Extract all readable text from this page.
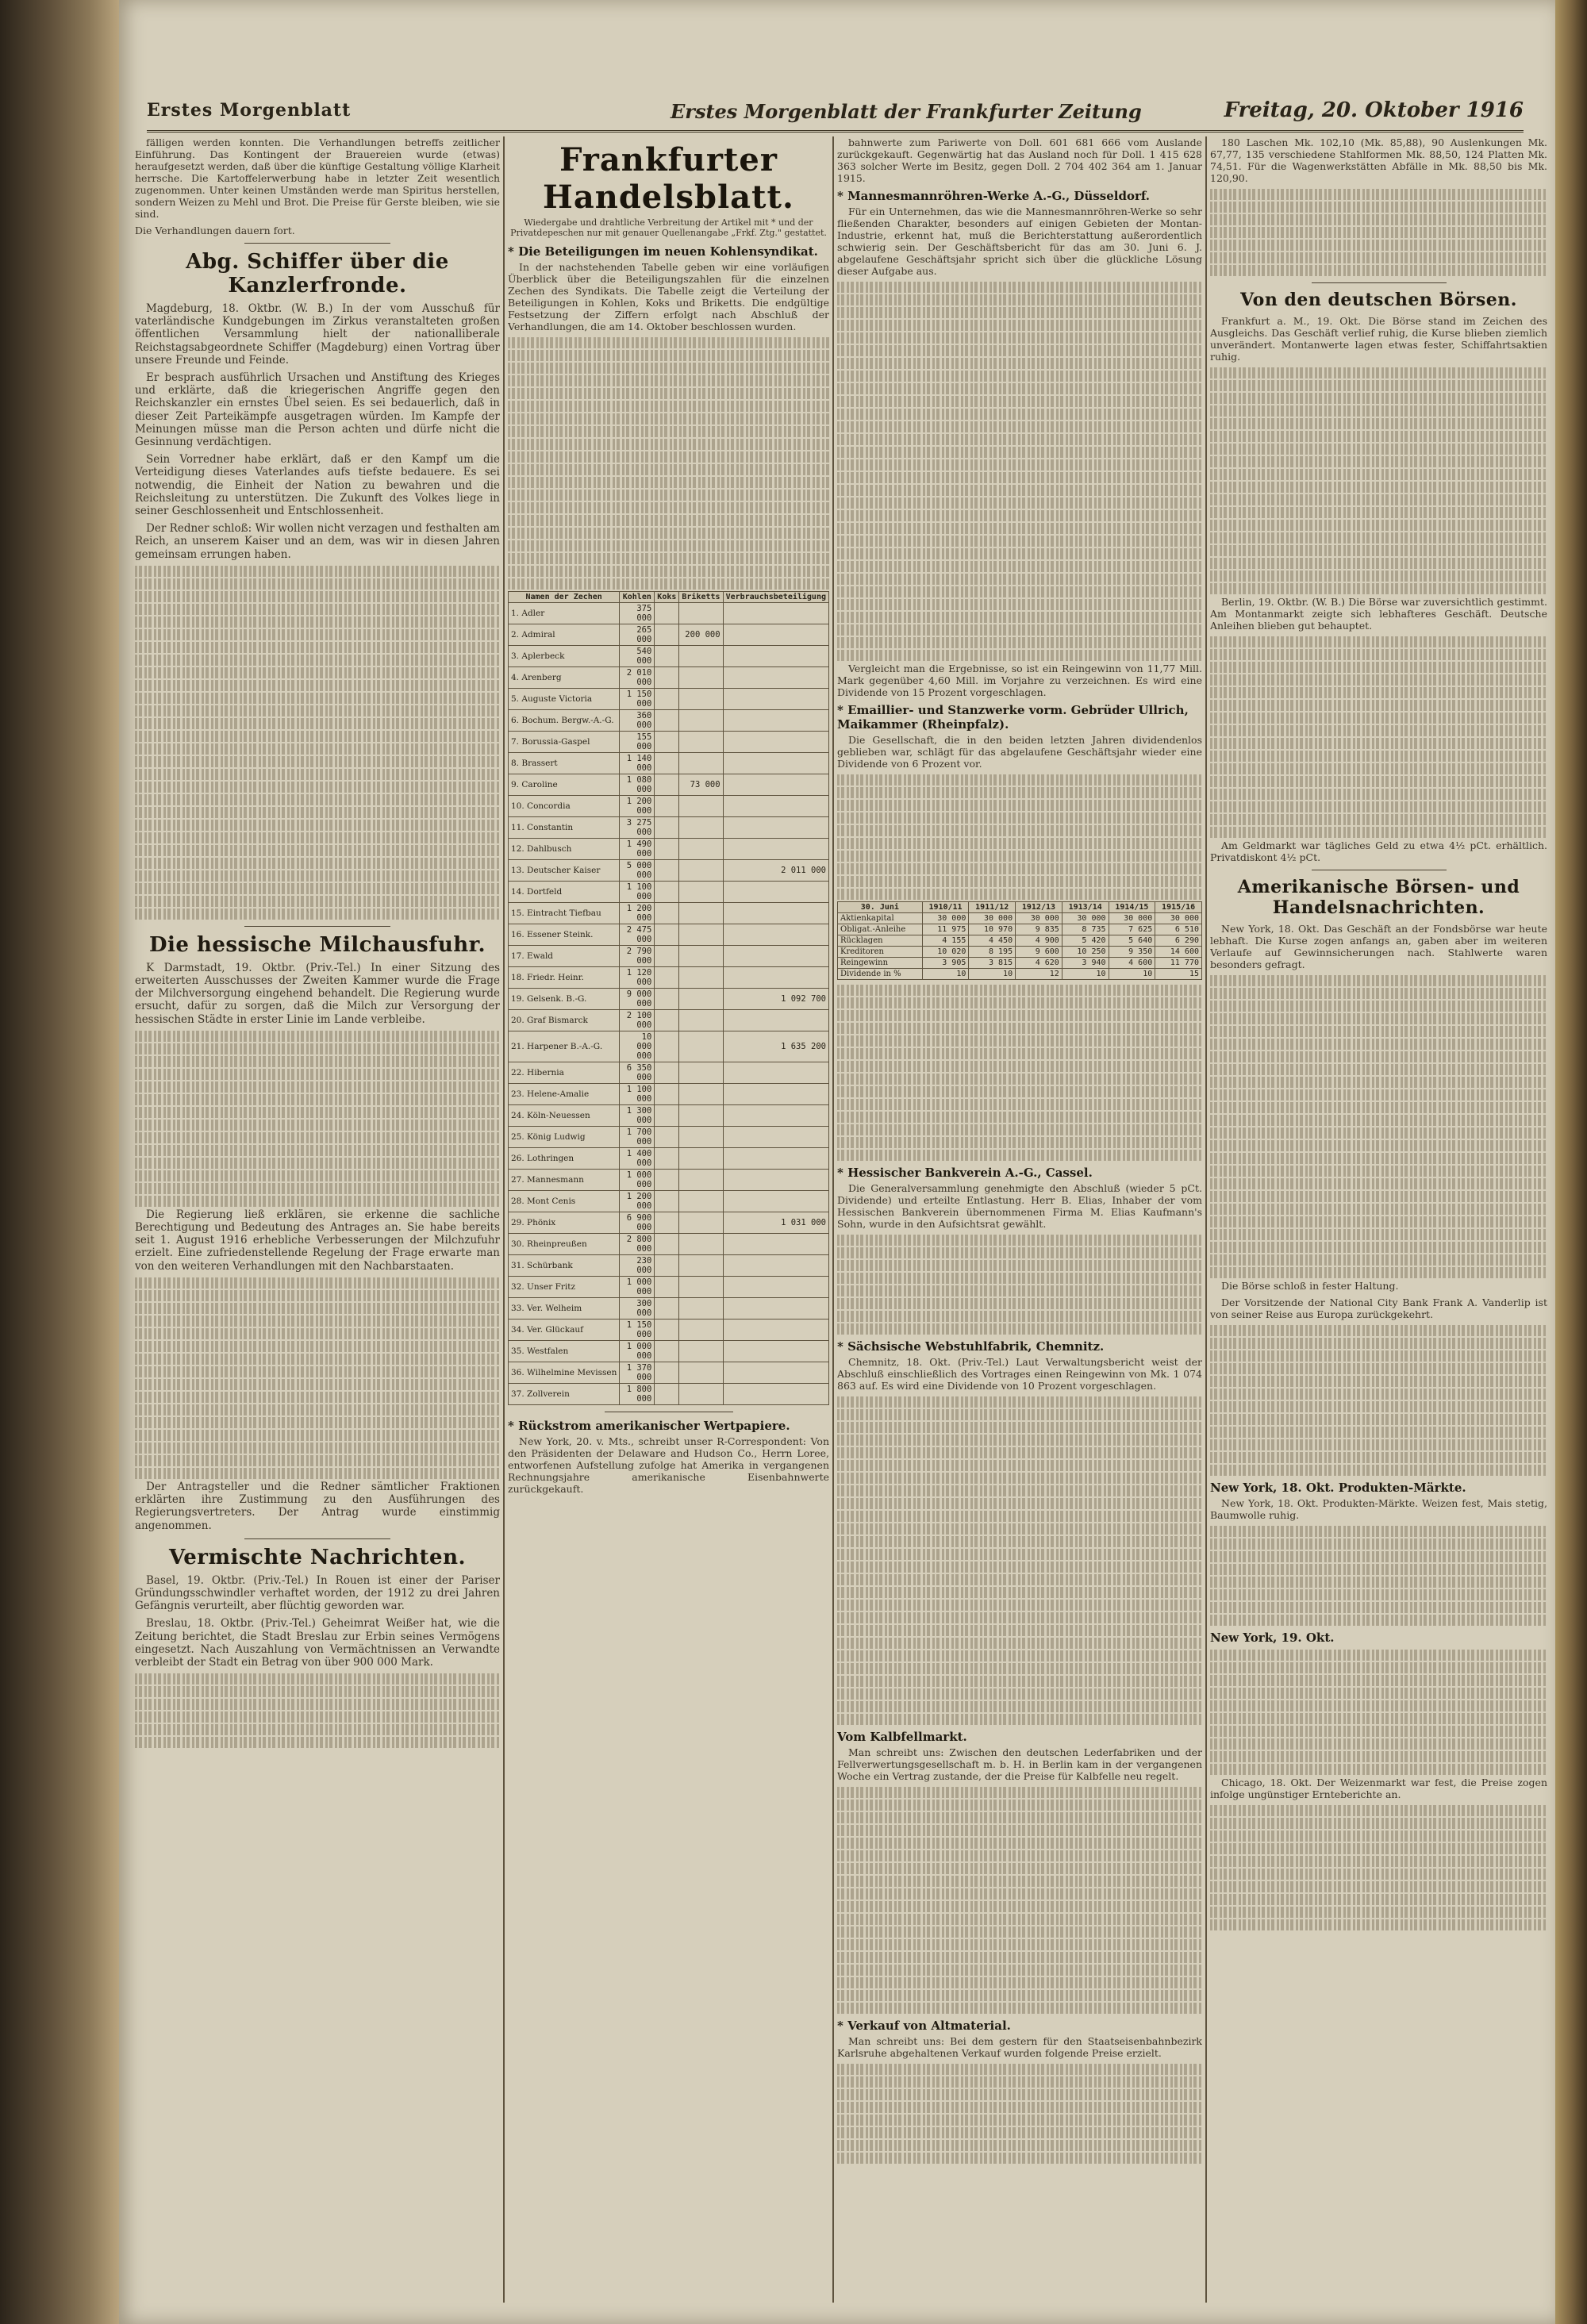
Erstes Morgenblatt	Erstes Morgenblatt der Frankfurter Zeitung	Freitag, 20. Oktober 1916

fälligen werden konnten. Die Verhandlungen betreffs zeitlicher Einführung. Das Kontingent der Brauereien wurde (etwas) heraufgesetzt werden, daß über die künftige Gestaltung völlige Klarheit herrsche. Die Kartoffelerwerbung habe in letzter Zeit wesentlich zugenommen. Unter keinen Umständen werde man Spiritus herstellen, sondern Weizen zu Mehl und Brot. Die Preise für Gerste bleiben, wie sie sind.

Die Verhandlungen dauern fort.

Abg. Schiffer über die Kanzlerfronde.

Magdeburg, 18. Oktbr. (W. B.) In der vom Ausschuß für vaterländische Kundgebungen im Zirkus veranstalteten großen öffentlichen Versammlung hielt der nationalliberale Reichstagsabgeordnete Schiffer (Magdeburg) einen Vortrag über unsere Freunde und Feinde.

Er besprach ausführlich Ursachen und Anstiftung des Krieges und erklärte, daß die kriegerischen Angriffe gegen den Reichskanzler ein ernstes Übel seien. Es sei bedauerlich, daß in dieser Zeit Parteikämpfe ausgetragen würden. Im Kampfe der Meinungen müsse man die Person achten und dürfe nicht die Gesinnung verdächtigen.

Sein Vorredner habe erklärt, daß er den Kampf um die Verteidigung dieses Vaterlandes aufs tiefste bedauere. Es sei notwendig, die Einheit der Nation zu bewahren und die Reichsleitung zu unterstützen. Die Zukunft des Volkes liege in seiner Geschlossenheit und Entschlossenheit.

Der Redner schloß: Wir wollen nicht verzagen und festhalten am Reich, an unserem Kaiser und an dem, was wir in diesen Jahren gemeinsam errungen haben.

Die hessische Milchausfuhr.

K Darmstadt, 19. Oktbr. (Priv.-Tel.) In einer Sitzung des erweiterten Ausschusses der Zweiten Kammer wurde die Frage der Milchversorgung eingehend behandelt. Die Regierung wurde ersucht, dafür zu sorgen, daß die Milch zur Versorgung der hessischen Städte in erster Linie im Lande verbleibe.

Die Regierung ließ erklären, sie erkenne die sachliche Berechtigung und Bedeutung des Antrages an. Sie habe bereits seit 1. August 1916 erhebliche Verbesserungen der Milchzufuhr erzielt. Eine zufriedenstellende Regelung der Frage erwarte man von den weiteren Verhandlungen mit den Nachbarstaaten.

Der Antragsteller und die Redner sämtlicher Fraktionen erklärten ihre Zustimmung zu den Ausführungen des Regierungsvertreters. Der Antrag wurde einstimmig angenommen.

Vermischte Nachrichten.

Basel, 19. Oktbr. (Priv.-Tel.) In Rouen ist einer der Pariser Gründungsschwindler verhaftet worden, der 1912 zu drei Jahren Gefängnis verurteilt, aber flüchtig geworden war.

Breslau, 18. Oktbr. (Priv.-Tel.) Geheimrat Weißer hat, wie die Zeitung berichtet, die Stadt Breslau zur Erbin seines Vermögens eingesetzt. Nach Auszahlung von Vermächtnissen an Verwandte verbleibt der Stadt ein Betrag von über 900 000 Mark.

Frankfurter Handelsblatt.
Wiedergabe und drahtliche Verbreitung der Artikel mit * und der Privatdepeschen nur mit genauer Quellenangabe „Frkf. Ztg." gestattet.
* Die Beteiligungen im neuen Kohlensyndikat.

In der nachstehenden Tabelle geben wir eine vorläufigen Überblick über die Beteiligungszahlen für die einzelnen Zechen des Syndikats. Die Tabelle zeigt die Verteilung der Beteiligungen in Kohlen, Koks und Briketts. Die endgültige Festsetzung der Ziffern erfolgt nach Abschluß der Verhandlungen, die am 14. Oktober beschlossen wurden.

Namen der Zechen	Kohlen	Koks	Briketts	Verbrauchsbeteiligung
1. Adler	375 000			
2. Admiral	265 000		200 000	
3. Aplerbeck	540 000			
4. Arenberg	2 010 000			
5. Auguste Victoria	1 150 000			
6. Bochum. Bergw.-A.-G.	360 000			
7. Borussia-Gaspel	155 000			
8. Brassert	1 140 000			
9. Caroline	1 080 000		73 000	
10. Concordia	1 200 000			
11. Constantin	3 275 000			
12. Dahlbusch	1 490 000			
13. Deutscher Kaiser	5 000 000			2 011 000
14. Dortfeld	1 100 000			
15. Eintracht Tiefbau	1 200 000			
16. Essener Steink.	2 475 000			
17. Ewald	2 790 000			
18. Friedr. Heinr.	1 120 000			
19. Gelsenk. B.-G.	9 000 000			1 092 700
20. Graf Bismarck	2 100 000			
21. Harpener B.-A.-G.	10 000 000			1 635 200
22. Hibernia	6 350 000			
23. Helene-Amalie	1 100 000			
24. Köln-Neuessen	1 300 000			
25. König Ludwig	1 700 000			
26. Lothringen	1 400 000			
27. Mannesmann	1 000 000			
28. Mont Cenis	1 200 000			
29. Phönix	6 900 000			1 031 000
30. Rheinpreußen	2 800 000			
31. Schürbank	230 000			
32. Unser Fritz	1 000 000			
33. Ver. Welheim	300 000			
34. Ver. Glückauf	1 150 000			
35. Westfalen	1 000 000			
36. Wilhelmine Mevissen	1 370 000			
37. Zollverein	1 800 000			
* Rückstrom amerikanischer Wertpapiere.

New York, 20. v. Mts., schreibt unser R-Correspondent: Von den Präsidenten der Delaware and Hudson Co., Herrn Loree, entworfenen Aufstellung zufolge hat Amerika in vergangenen Rechnungsjahre amerikanische Eisenbahnwerte zurückgekauft.

bahnwerte zum Pariwerte von Doll. 601 681 666 vom Auslande zurückgekauft. Gegenwärtig hat das Ausland noch für Doll. 1 415 628 363 solcher Werte im Besitz, gegen Doll. 2 704 402 364 am 1. Januar 1915.

* Mannesmannröhren-Werke A.-G., Düsseldorf.

Für ein Unternehmen, das wie die Mannesmannröhren-Werke so sehr fließenden Charakter, besonders auf einigen Gebieten der Montan-Industrie, erkennt hat, muß die Berichterstattung außerordentlich schwierig sein. Der Geschäftsbericht für das am 30. Juni 6. J. abgelaufene Geschäftsjahr spricht sich über die glückliche Lösung dieser Aufgabe aus.

Vergleicht man die Ergebnisse, so ist ein Reingewinn von 11,77 Mill. Mark gegenüber 4,60 Mill. im Vorjahre zu verzeichnen. Es wird eine Dividende von 15 Prozent vorgeschlagen.

* Emaillier- und Stanzwerke vorm. Gebrüder Ullrich, Maikammer (Rheinpfalz).

Die Gesellschaft, die in den beiden letzten Jahren dividendenlos geblieben war, schlägt für das abgelaufene Geschäftsjahr wieder eine Dividende von 6 Prozent vor.

30. Juni	1910/11	1911/12	1912/13	1913/14	1914/15	1915/16
Aktienkapital	30 000	30 000	30 000	30 000	30 000	30 000
Obligat.-Anleihe	11 975	10 970	9 835	8 735	7 625	6 510
Rücklagen	4 155	4 450	4 900	5 420	5 640	6 290
Kreditoren	10 020	8 195	9 600	10 250	9 350	14 600
Reingewinn	3 905	3 815	4 620	3 940	4 600	11 770
Dividende in %	10	10	12	10	10	15
* Hessischer Bankverein A.-G., Cassel.

Die Generalversammlung genehmigte den Abschluß (wieder 5 pCt. Dividende) und erteilte Entlastung. Herr B. Elias, Inhaber der vom Hessischen Bankverein übernommenen Firma M. Elias Kaufmann's Sohn, wurde in den Aufsichtsrat gewählt.

* Sächsische Webstuhlfabrik, Chemnitz.

Chemnitz, 18. Okt. (Priv.-Tel.) Laut Verwaltungsbericht weist der Abschluß einschließlich des Vortrages einen Reingewinn von Mk. 1 074 863 auf. Es wird eine Dividende von 10 Prozent vorgeschlagen.

Vom Kalbfellmarkt.

Man schreibt uns: Zwischen den deutschen Lederfabriken und der Fellverwertungsgesellschaft m. b. H. in Berlin kam in der vergangenen Woche ein Vertrag zustande, der die Preise für Kalbfelle neu regelt.

* Verkauf von Altmaterial.

Man schreibt uns: Bei dem gestern für den Staatseisenbahnbezirk Karlsruhe abgehaltenen Verkauf wurden folgende Preise erzielt.

180 Laschen Mk. 102,10 (Mk. 85,88), 90 Auslenkungen Mk. 67,77, 135 verschiedene Stahlformen Mk. 88,50, 124 Platten Mk. 74,51. Für die Wagenwerkstätten Abfälle in Mk. 88,50 bis Mk. 120,90.

Von den deutschen Börsen.

Frankfurt a. M., 19. Okt. Die Börse stand im Zeichen des Ausgleichs. Das Geschäft verlief ruhig, die Kurse blieben ziemlich unverändert. Montanwerte lagen etwas fester, Schiffahrtsaktien ruhig.

Berlin, 19. Oktbr. (W. B.) Die Börse war zuversichtlich gestimmt. Am Montanmarkt zeigte sich lebhafteres Geschäft. Deutsche Anleihen blieben gut behauptet.

Am Geldmarkt war tägliches Geld zu etwa 4½ pCt. erhältlich. Privatdiskont 4½ pCt.

Amerikanische Börsen- und Handelsnachrichten.

New York, 18. Okt. Das Geschäft an der Fondsbörse war heute lebhaft. Die Kurse zogen anfangs an, gaben aber im weiteren Verlaufe auf Gewinnsicherungen nach. Stahlwerte waren besonders gefragt.

Die Börse schloß in fester Haltung.

Der Vorsitzende der National City Bank Frank A. Vanderlip ist von seiner Reise aus Europa zurückgekehrt.

New York, 18. Okt. Produkten-Märkte.

New York, 18. Okt. Produkten-Märkte. Weizen fest, Mais stetig, Baumwolle ruhig.

New York, 19. Okt.

Chicago, 18. Okt. Der Weizenmarkt war fest, die Preise zogen infolge ungünstiger Ernteberichte an.
